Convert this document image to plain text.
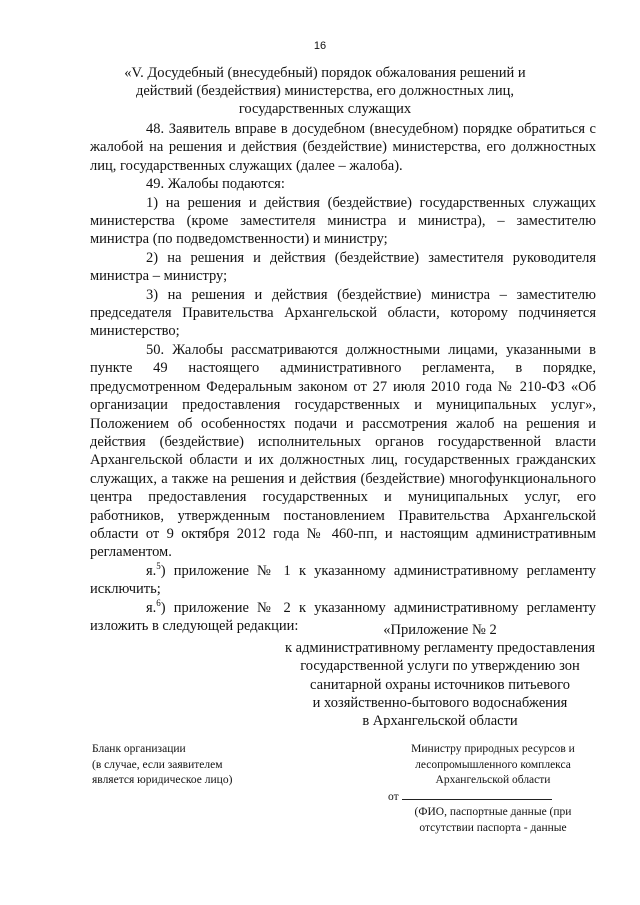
16
«V. Досудебный (внесудебный) порядок обжалования решений и
действий (бездействия) министерства, его должностных лиц,
государственных служащих

48. Заявитель вправе в досудебном (внесудебном) порядке обратиться с жалобой на решения и действия (бездействие) министерства, его должностных лиц, государственных служащих (далее – жалоба).

49. Жалобы подаются:

1) на решения и действия (бездействие) государственных служащих министерства (кроме заместителя министра и министра), – заместителю министра (по подведомственности) и министру;

2) на решения и действия (бездействие) заместителя руководителя министра – министру;

3) на решения и действия (бездействие) министра – заместителю председателя Правительства Архангельской области, которому подчиняется министерство;

50. Жалобы рассматриваются должностными лицами, указанными в пункте 49 настоящего административного регламента, в порядке, предусмотренном Федеральным законом от 27 июля 2010 года № 210-ФЗ «Об организации предоставления государственных и муниципальных услуг», Положением об особенностях подачи и рассмотрения жалоб на решения и действия (бездействие) исполнительных органов государственной власти Архангельской области и их должностных лиц, государственных гражданских служащих, а также на решения и действия (бездействие) многофункционального центра предоставления государственных и муниципальных услуг, его работников, утвержденным постановлением Правительства Архангельской области от 9 октября 2012 года № 460-пп, и настоящим административным регламентом.

я.$^5$) приложение № 1 к указанному административному регламенту исключить;

я.$^6$) приложение № 2 к указанному административному регламенту изложить в следующей редакции:	«Приложение № 2
к административному регламенту предоставления
государственной услуги по утверждению зон
санитарной охраны источников питьевого
и хозяйственно-бытового водоснабжения
в Архангельской области
Бланк организации
(в случае, если заявителем
является юридическое лицо)
Министру природных ресурсов и
лесопромышленного комплекса
Архангельской области
от
(ФИО, паспортные данные (при
отсутствии паспорта - данные
